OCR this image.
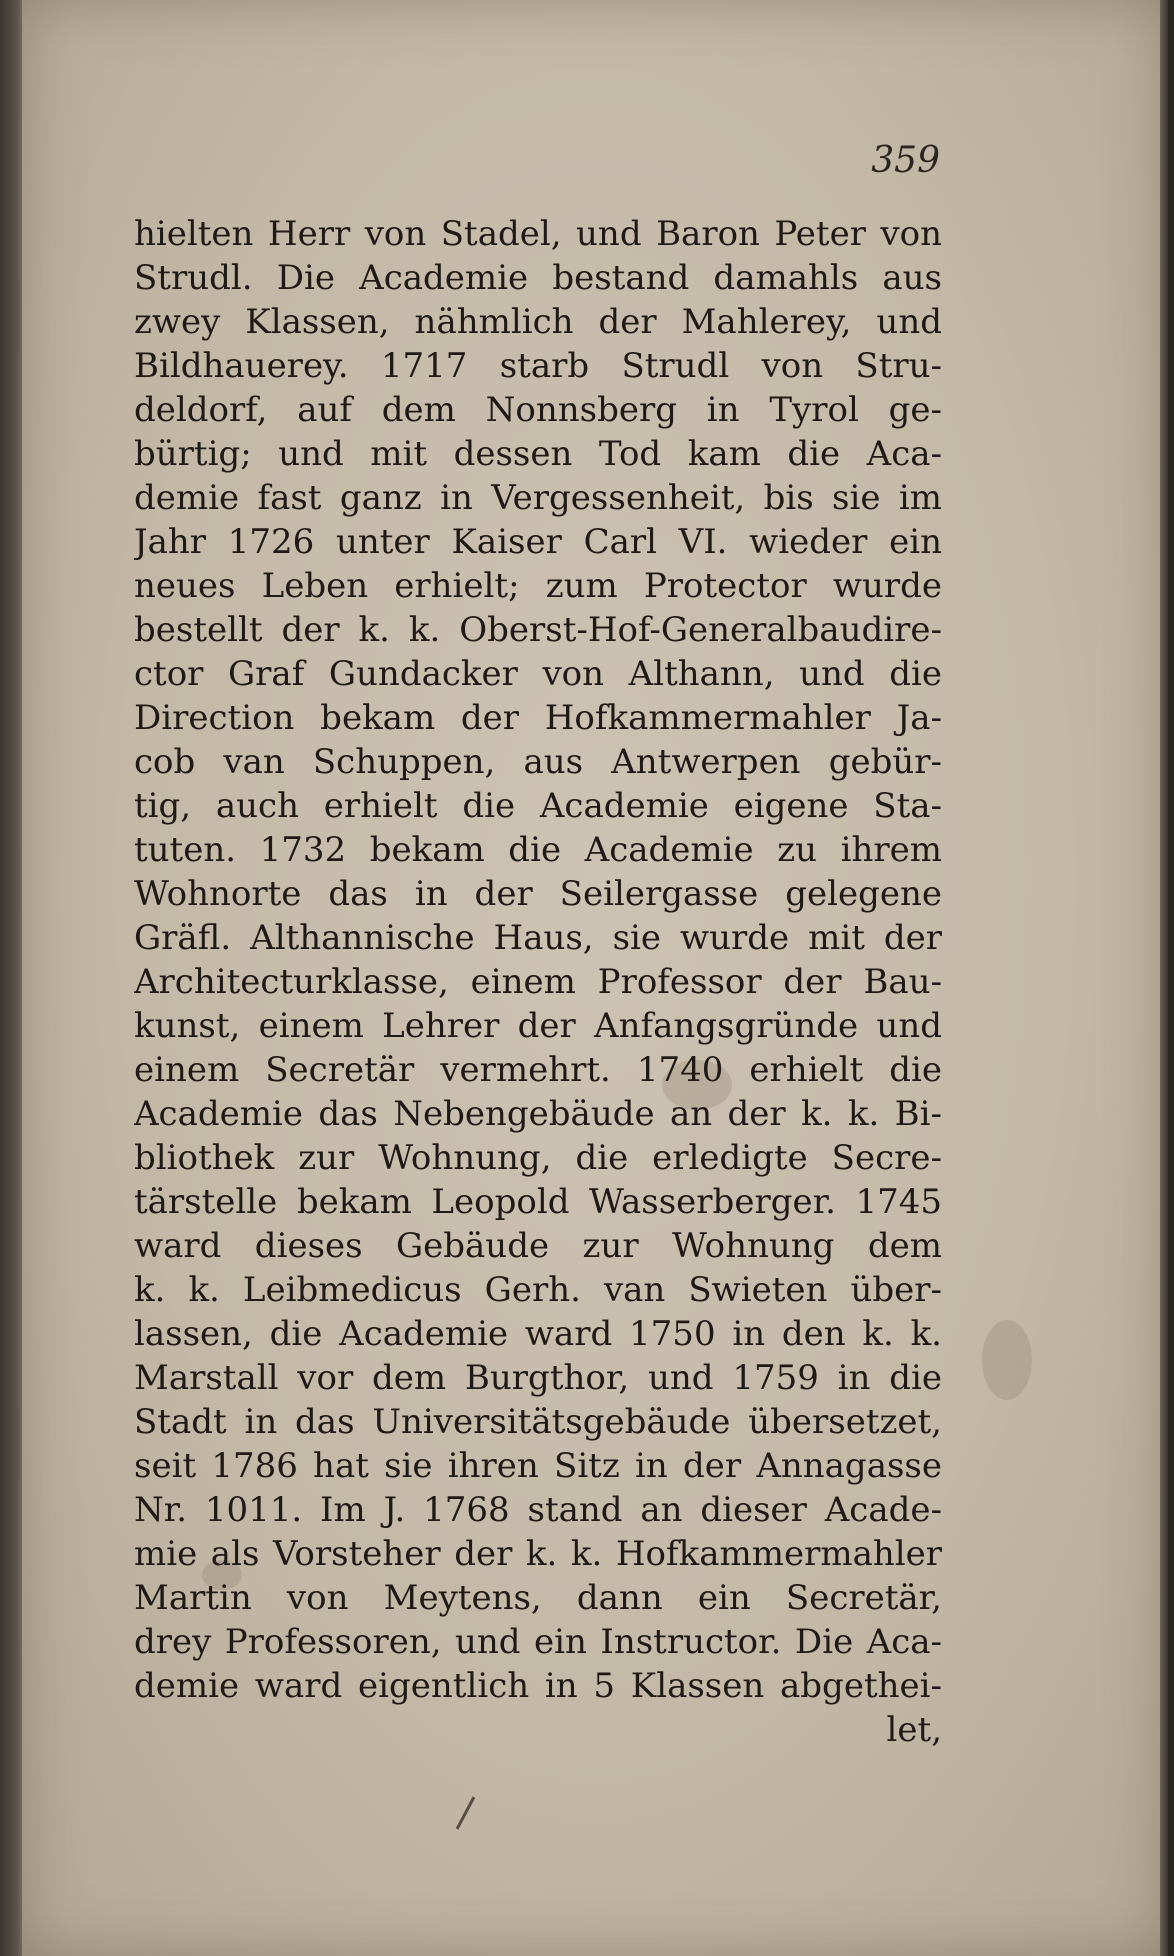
359
hielten Herr von Stadel, und Baron Peter von
Strudl. Die Academie bestand damahls aus
zwey Klassen, nähmlich der Mahlerey, und
Bildhauerey. 1717 starb Strudl von Stru-
deldorf, auf dem Nonnsberg in Tyrol ge-
bürtig; und mit dessen Tod kam die Aca-
demie fast ganz in Vergessenheit, bis sie im
Jahr 1726 unter Kaiser Carl VI. wieder ein
neues Leben erhielt; zum Protector wurde
bestellt der k. k. Oberst-Hof-Generalbaudire-
ctor Graf Gundacker von Althann, und die
Direction bekam der Hofkammermahler Ja-
cob van Schuppen, aus Antwerpen gebür-
tig, auch erhielt die Academie eigene Sta-
tuten. 1732 bekam die Academie zu ihrem
Wohnorte das in der Seilergasse gelegene
Gräfl. Althannische Haus, sie wurde mit der
Architecturklasse, einem Professor der Bau-
kunst, einem Lehrer der Anfangsgründe und
einem Secretär vermehrt. 1740 erhielt die
Academie das Nebengebäude an der k. k. Bi-
bliothek zur Wohnung, die erledigte Secre-
tärstelle bekam Leopold Wasserberger. 1745
ward dieses Gebäude zur Wohnung dem
k. k. Leibmedicus Gerh. van Swieten über-
lassen, die Academie ward 1750 in den k. k.
Marstall vor dem Burgthor, und 1759 in die
Stadt in das Universitätsgebäude übersetzet,
seit 1786 hat sie ihren Sitz in der Annagasse
Nr. 1011. Im J. 1768 stand an dieser Acade-
mie als Vorsteher der k. k. Hofkammermahler
Martin von Meytens, dann ein Secretär,
drey Professoren, und ein Instructor. Die Aca-
demie ward eigentlich in 5 Klassen abgethei-
let,
